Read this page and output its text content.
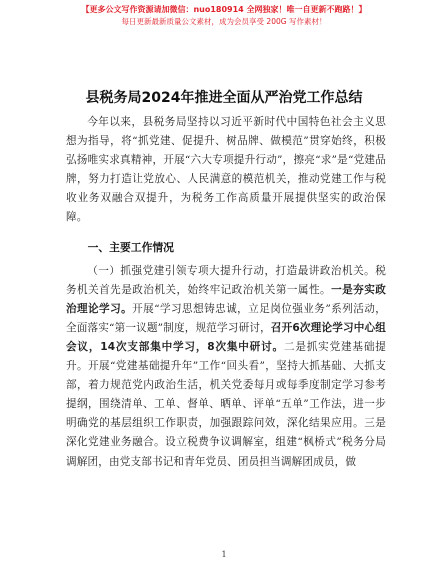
【更多公文写作资源请加微信：nuo180914 全网独家！唯一自更新不跑路！】
每日更新最新质量公文素材，成为会员享受 200G 写作素材！
县税务局2024年推进全面从严治党工作总结

今年以来，县税务局坚持以习近平新时代中国特色社会主义思想为指导，将“抓党建、促提升、树品牌、做模范”贯穿始终，积极弘扬唯实求真精神，开展“六大专项提升行动”，擦亮“求”是“党建品牌，努力打造让党放心、人民满意的模范机关，推动党建工作与税收业务双融合双提升，为税务工作高质量开展提供坚实的政治保障。

一、主要工作情况

（一）抓强党建引领专项大提升行动，打造最讲政治机关。税务机关首先是政治机关，始终牢记政治机关第一属性。一是夯实政治理论学习。开展“学习思想铸忠诚，立足岗位强业务”系列活动，全面落实“第一议题”制度，规范学习研讨，召开6次理论学习中心组会议，14次支部集中学习，8次集中研讨。二是抓实党建基础提升。开展“党建基础提升年”工作“回头看”，坚持大抓基础、大抓支部，着力规范党内政治生活，机关党委每月或每季度制定学习参考提纲，围绕清单、工单、督单、晒单、评单“五单”工作法，进一步明确党的基层组织工作职责，加强跟踪问效，深化结果应用。三是深化党建业务融合。设立税费争议调解室，组建“枫桥式”税务分局调解团，由党支部书记和青年党员、团员担当调解团成员，做

1
